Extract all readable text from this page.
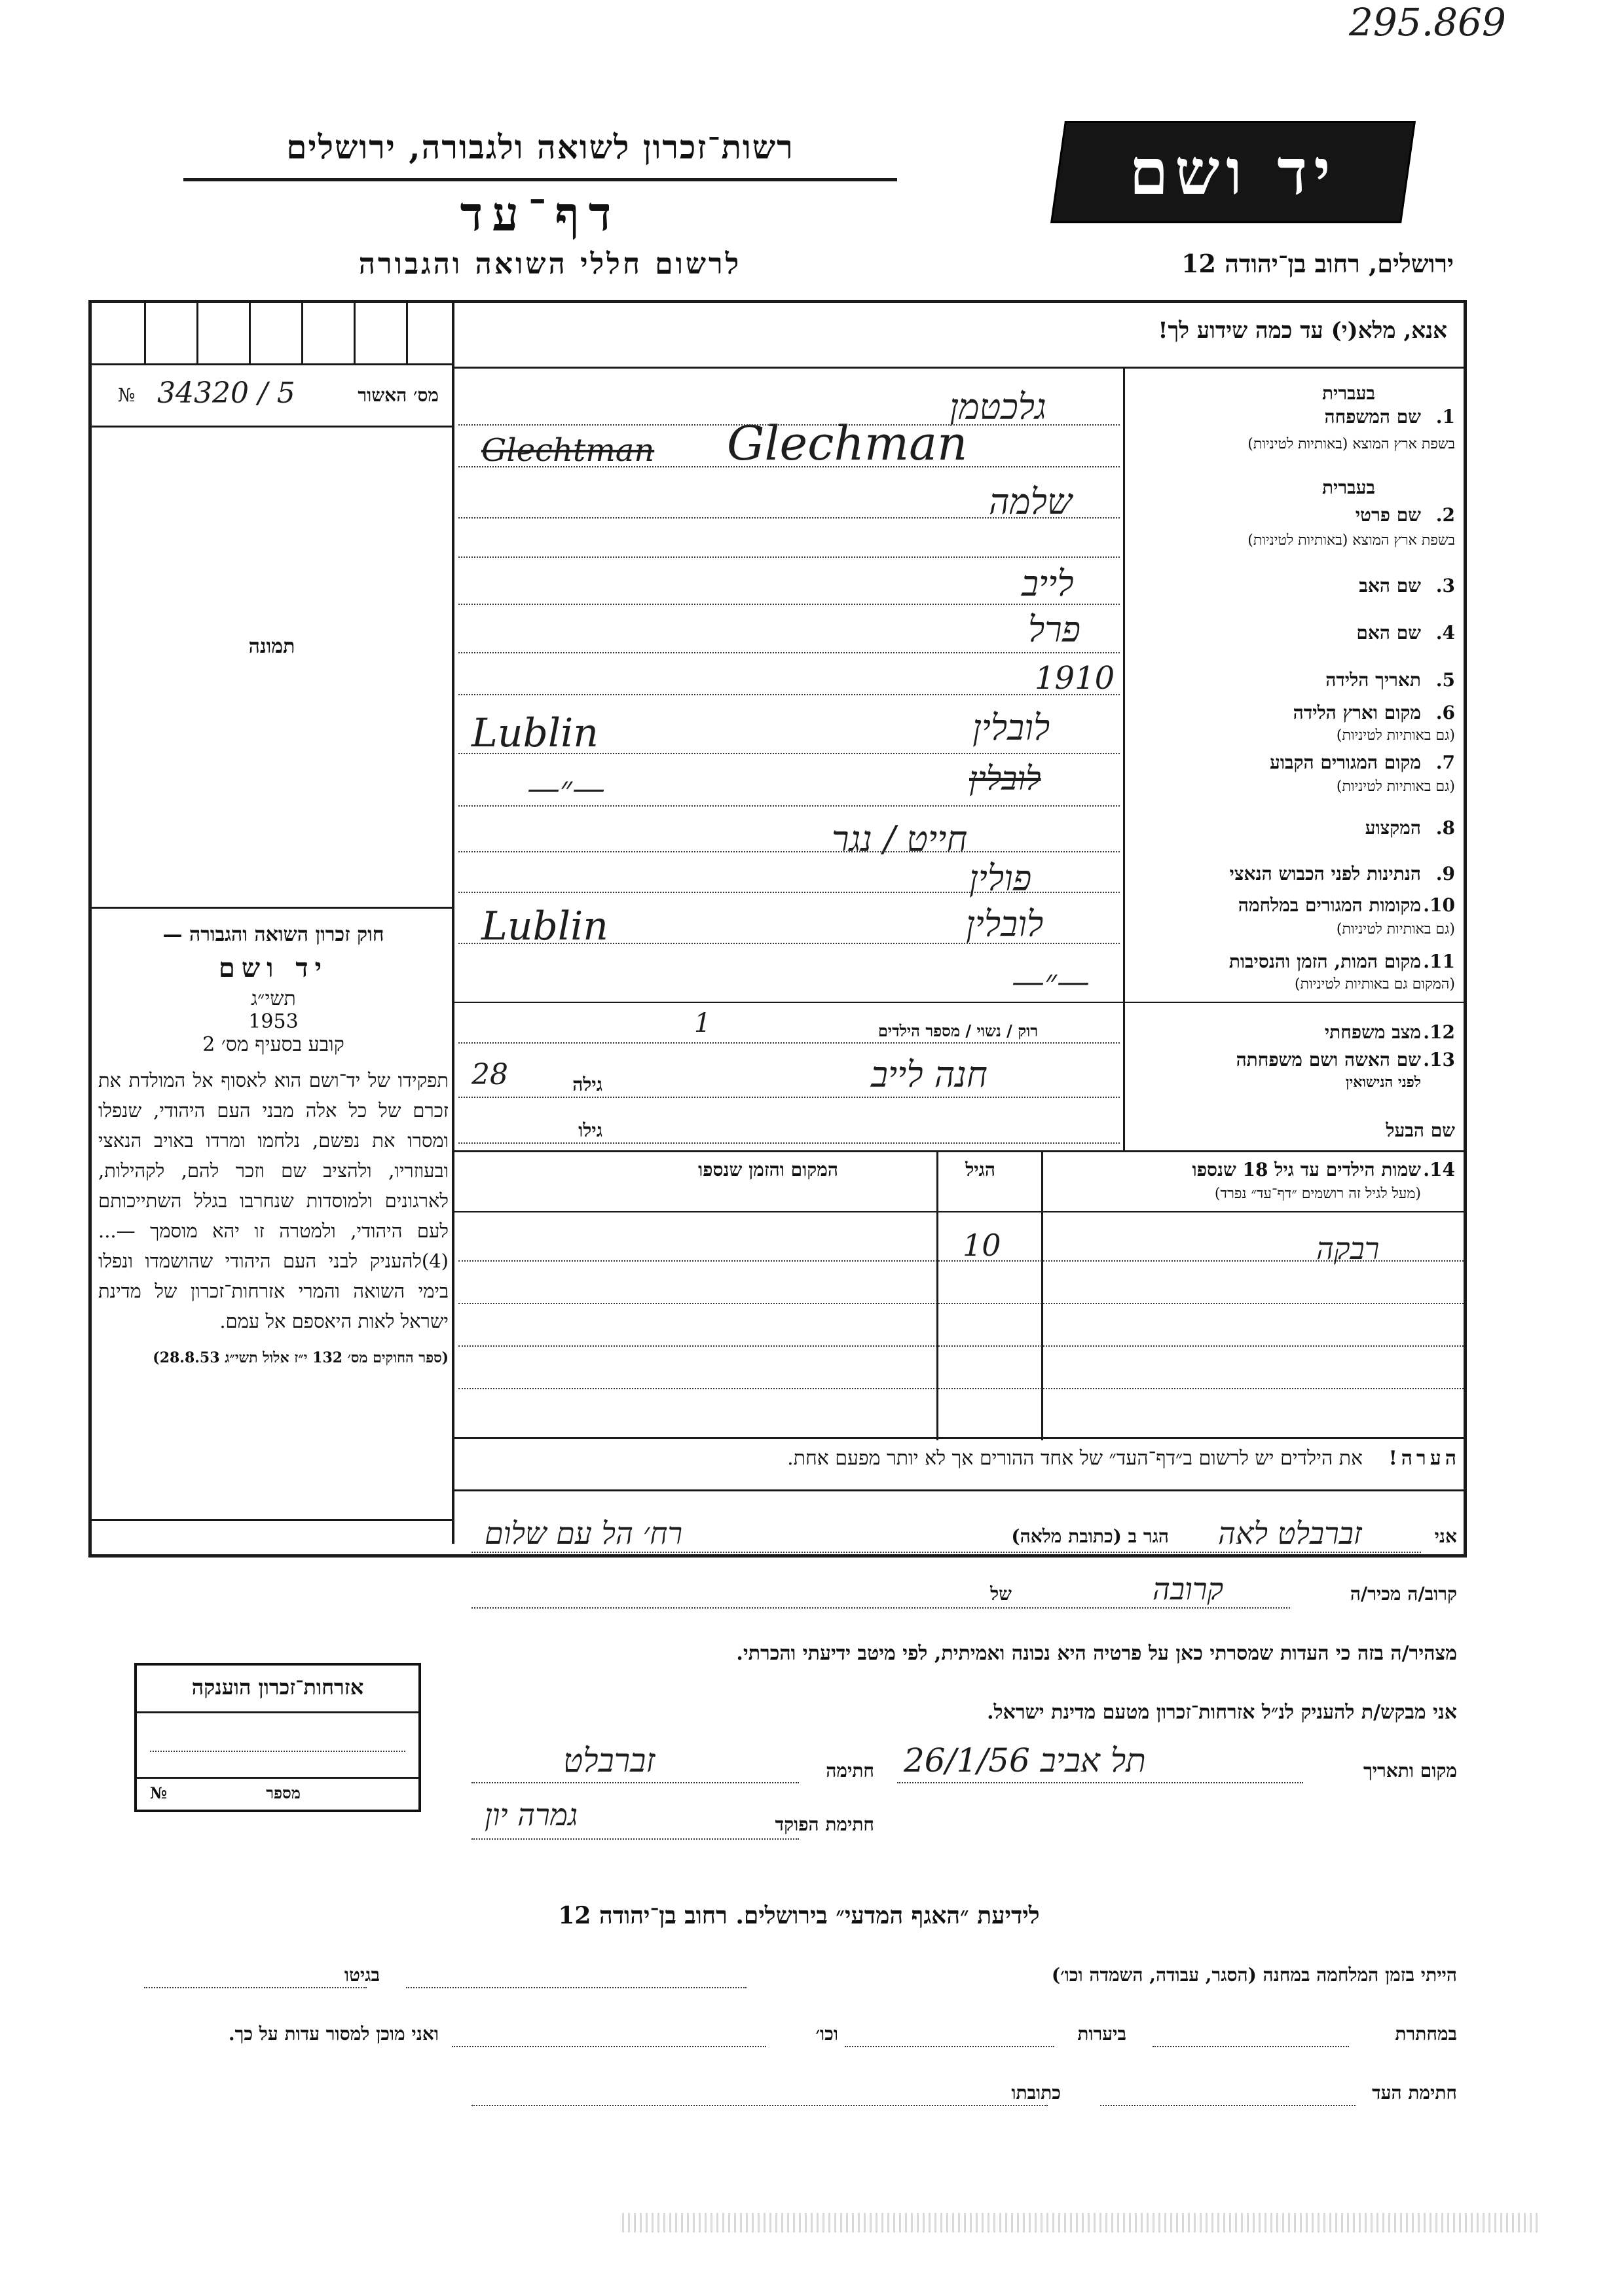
295.869
רשות־זכרון לשואה ולגבורה, ירושלים
דף־עד
לרשום חללי השואה והגבורה
יד ושם
ירושלים, רחוב בן־יהודה 12
№ 34320 / 5	מס׳ האשור
תמונה
אנא, מלא(י) עד כמה שידוע לך!
1.
שם המשפחה
בעברית
בשפת ארץ המוצא (באותיות לטיניות)
גלכטמן
Glechtman Glechman
2.
שם פרטי
בעברית
בשפת ארץ המוצא (באותיות לטיניות)
שלמה
3.
שם האב
לייב
4.
שם האם
פרל
5.
תאריך הלידה
1910
6.
מקום וארץ הלידה
(גם באותיות לטיניות)
לובלין
Lublin
7.
מקום המגורים הקבוע
(גם באותיות לטיניות)
לובלין
—״—
8.
המקצוע
חייט / נגר
9.
הנתינות לפני הכבוש הנאצי
פולין
10.
מקומות המגורים במלחמה
(גם באותיות לטיניות)
לובלין
Lublin
11.
מקום המות, הזמן והנסיבות
(המקום גם באותיות לטיניות)
—״—
12.
מצב משפחתי
רוק / נשוי / מספר הילדים
1
13.
שם האשה ושם משפחתה
לפני הנישואין
חנה לייב
גילה
28
שם הבעל
גילו
14.
שמות הילדים עד גיל 18 שנספו
(מעל לגיל זה רושמים ״דף־עד״ נפרד)
הגיל
המקום והזמן שנספו
רבקה
10
הערה! את הילדים יש לרשום ב״דף־העד״ של אחד ההורים אך לא יותר מפעם אחת.
חוק זכרון השואה והגבורה —
יד ושם
תשי״ג
1953
קובע בסעיף מס׳ 2
תפקידו של יד־ושם הוא לאסוף אל המולדת את זכרם של כל אלה מבני העם היהודי, שנפלו ומסרו את נפשם, נלחמו ומרדו באויב הנאצי ובעוזריו, ולהציב שם וזכר להם, לקהילות, לארגונים ולמוסדות שנחרבו בגלל השתייכותם לעם היהודי, ולמטרה זו יהא מוסמך —...(4)להעניק לבני העם היהודי שהושמדו ונפלו בימי השואה והמרי אזרחות־זכרון של מדינת ישראל לאות היאספם אל עמם.
(ספר החוקים מס׳ 132 י״ז אלול תשי״ג 28.8.53)
אני
זברבלט לאה
הגר ב (כתובת מלאה)
רח׳ הל עם שלום
קרוב/ה מכיר/ה
קרובה
של
מצהיר/ה בזה כי העדות שמסרתי כאן על פרטיה היא נכונה ואמיתית, לפי מיטב ידיעתי והכרתי.
אני מבקש/ת להעניק לנ״ל אזרחות־זכרון מטעם מדינת ישראל.
מקום ותאריך
תל אביב 26/1/56
חתימה
זברבלט
חתימת הפוקד
גמרה יון
אזרחות־זכרון הוענקה
№	מספר
לידיעת ״האגף המדעי״ בירושלים. רחוב בן־יהודה 12
הייתי בזמן המלחמה במחנה (הסגר, עבודה, השמדה וכו׳)
בגיטו
במחתרת
ביערות
וכו׳
ואני מוכן למסור עדות על כך.
חתימת העד
כתובתו
